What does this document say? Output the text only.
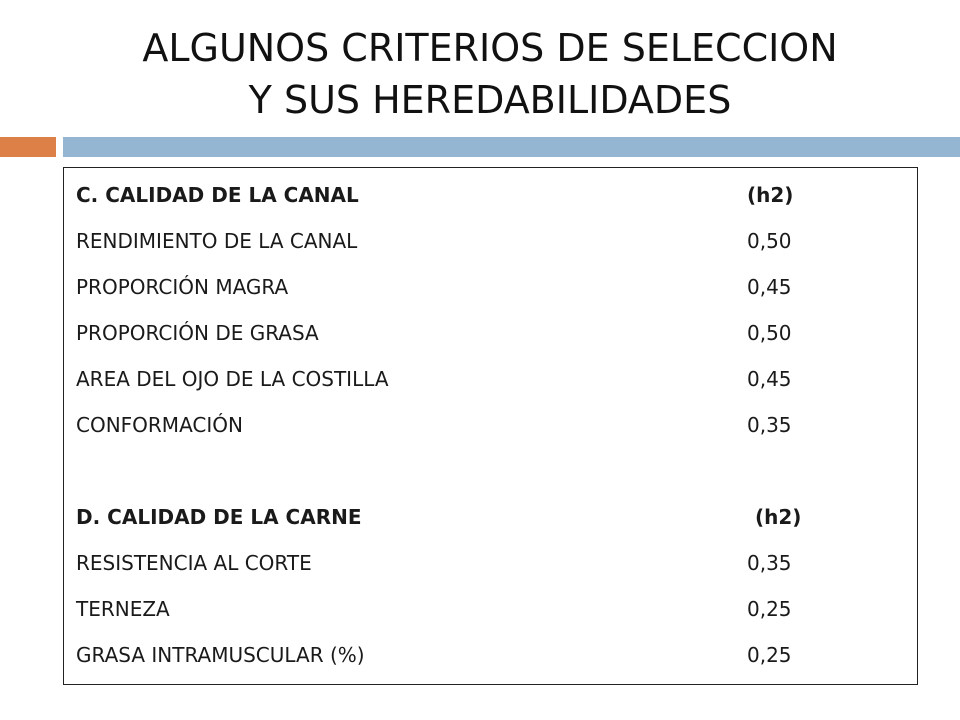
ALGUNOS CRITERIOS DE SELECCION
Y SUS HEREDABILIDADES
C. CALIDAD DE LA CANAL	(h2)
RENDIMIENTO DE LA CANAL	0,50
PROPORCIÓN MAGRA	0,45
PROPORCIÓN DE GRASA	0,50
AREA DEL OJO DE LA COSTILLA	0,45
CONFORMACIÓN	0,35
D. CALIDAD DE LA CARNE	(h2)
RESISTENCIA AL CORTE	0,35
TERNEZA	0,25
GRASA INTRAMUSCULAR (%)	0,25
